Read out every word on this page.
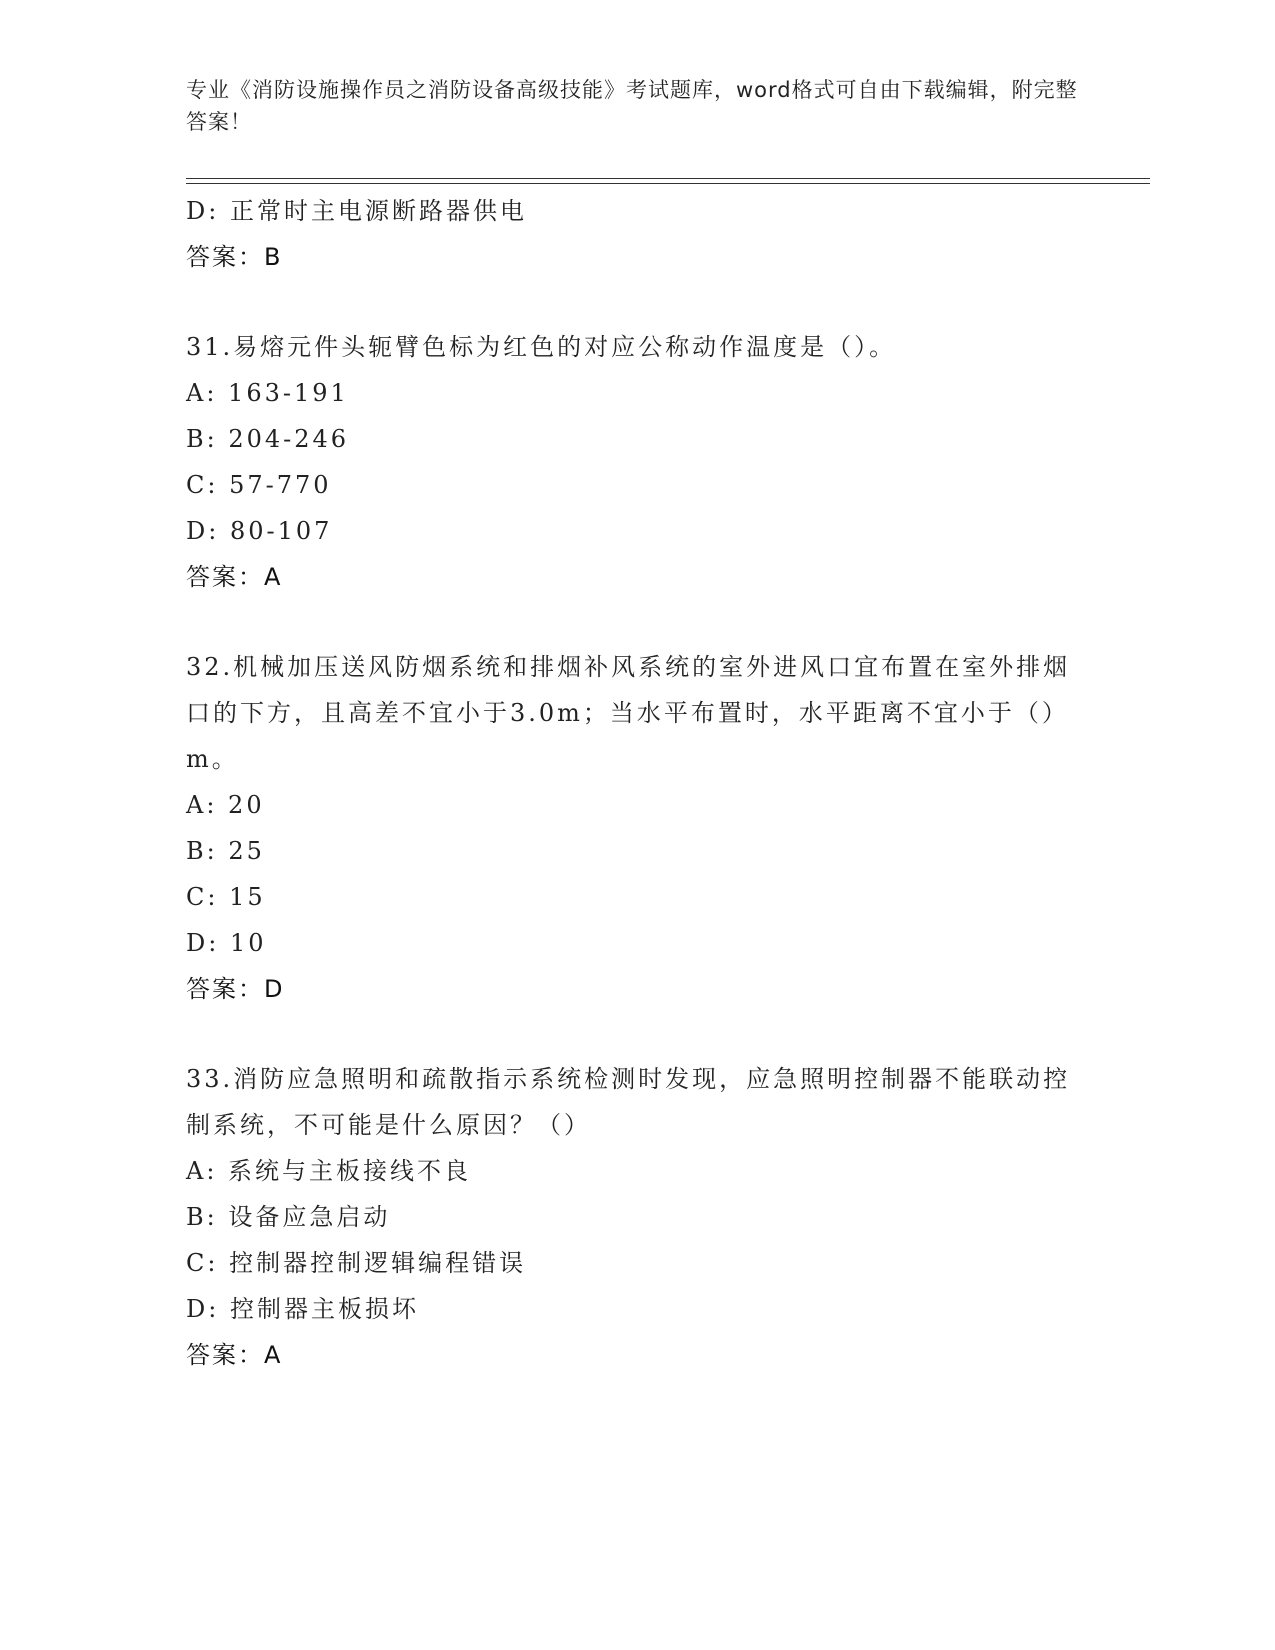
专业《消防设施操作员之消防设备高级技能》考试题库，word格式可自由下载编辑，附完整答案！
D: 正常时主电源断路器供电
答案：B
31.易熔元件头轭臂色标为红色的对应公称动作温度是（）。
A: 163-191
B: 204-246
C: 57-770
D: 80-107
答案：A
32.机械加压送风防烟系统和排烟补风系统的室外进风口宜布置在室外排烟口的下方，且高差不宜小于3.0m；当水平布置时，水平距离不宜小于（）m。
A: 20
B: 25
C: 15
D: 10
答案：D
33.消防应急照明和疏散指示系统检测时发现，应急照明控制器不能联动控制系统，不可能是什么原因？（）
A: 系统与主板接线不良
B: 设备应急启动
C: 控制器控制逻辑编程错误
D: 控制器主板损坏
答案：A
